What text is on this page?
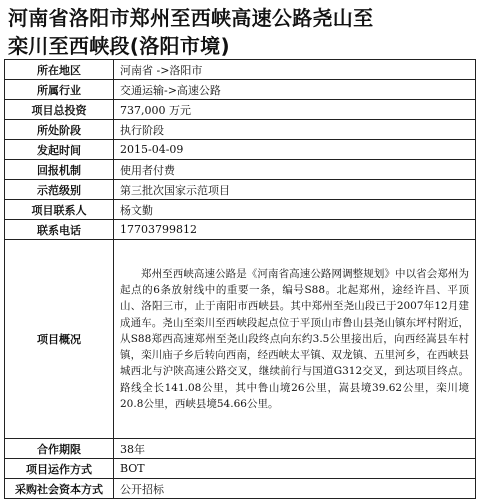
河南省洛阳市郑州至西峡高速公路尧山至
栾川至西峡段(洛阳市境)
所在地区	河南省 ->洛阳市
所属行业	交通运输->高速公路
项目总投资	737,000 万元
所处阶段	执行阶段
发起时间	2015-04-09
回报机制	使用者付费
示范级别	第三批次国家示范项目
项目联系人	杨文勤
联系电话	17703799812
项目概况	郑州至西峡高速公路是《河南省高速公路网调整规划》中以省会郑州为起点的6条放射线中的重要一条，编号S88。北起郑州，途经许昌、平顶山、洛阳三市，止于南阳市西峡县。其中郑州至尧山段已于2007年12月建成通车。尧山至栾川至西峡段起点位于平顶山市鲁山县尧山镇东坪村附近，从S88郑西高速郑州至尧山段终点向东约3.5公里接出后，向西经嵩县车村镇，栾川庙子乡后转向西南，经西峡太平镇、双龙镇、五里河乡，在西峡县城西北与沪陕高速公路交叉，继续前行与国道G312交叉，到达项目终点。路线全长141.08公里，其中鲁山境26公里，嵩县境39.62公里，栾川境20.8公里，西峡县境54.66公里。
合作期限	38年
项目运作方式	BOT
采购社会资本方式	公开招标
